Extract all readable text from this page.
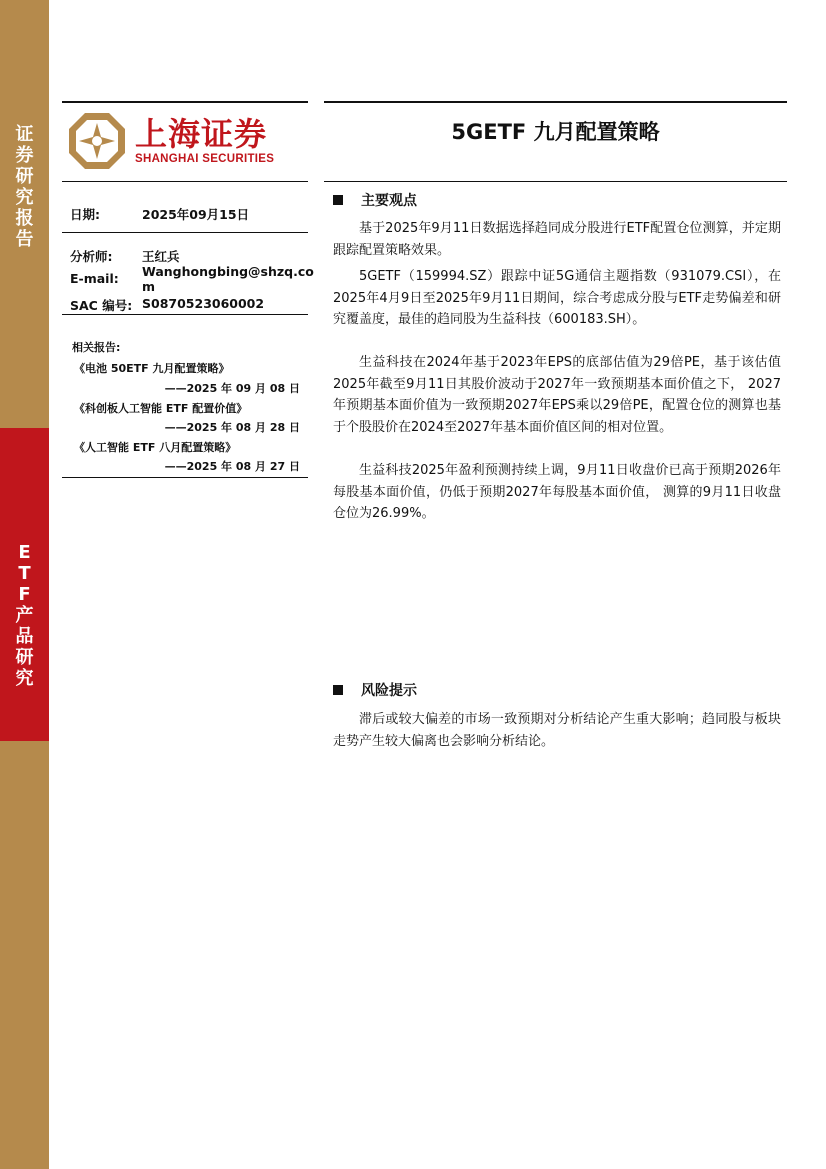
证券研究报告
ETF产品研究
上海证券
SHANGHAI SECURITIES
5GETF 九月配置策略
日期:	2025年09月15日
分析师: 王红兵
E-mail: Wanghongbing@shzq.co
m
SAC 编号: S0870523060002
相关报告:
《电池 50ETF 九月配置策略》
——2025 年 09 月 08 日
《科创板人工智能 ETF 配置价值》
——2025 年 08 月 28 日
《人工智能 ETF 八月配置策略》
——2025 年 08 月 27 日
主要观点
基于2025年9月11日数据选择趋同成分股进行ETF配置仓位测算，并定期跟踪配置策略效果。
5GETF（159994.SZ）跟踪中证5G通信主题指数（931079.CSI），在2025年4月9日至2025年9月11日期间，综合考虑成分股与ETF走势偏差和研究覆盖度，最佳的趋同股为生益科技（600183.SH）。
生益科技在2024年基于2023年EPS的底部估值为29倍PE，基于该估值2025年截至9月11日其股价波动于2027年一致预期基本面价值之下， 2027年预期基本面价值为一致预期2027年EPS乘以29倍PE，配置仓位的测算也基于个股股价在2024至2027年基本面价值区间的相对位置。
生益科技2025年盈利预测持续上调，9月11日收盘价已高于预期2026年每股基本面价值，仍低于预期2027年每股基本面价值， 测算的9月11日收盘仓位为26.99%。
风险提示
滞后或较大偏差的市场一致预期对分析结论产生重大影响；趋同股与板块走势产生较大偏离也会影响分析结论。
